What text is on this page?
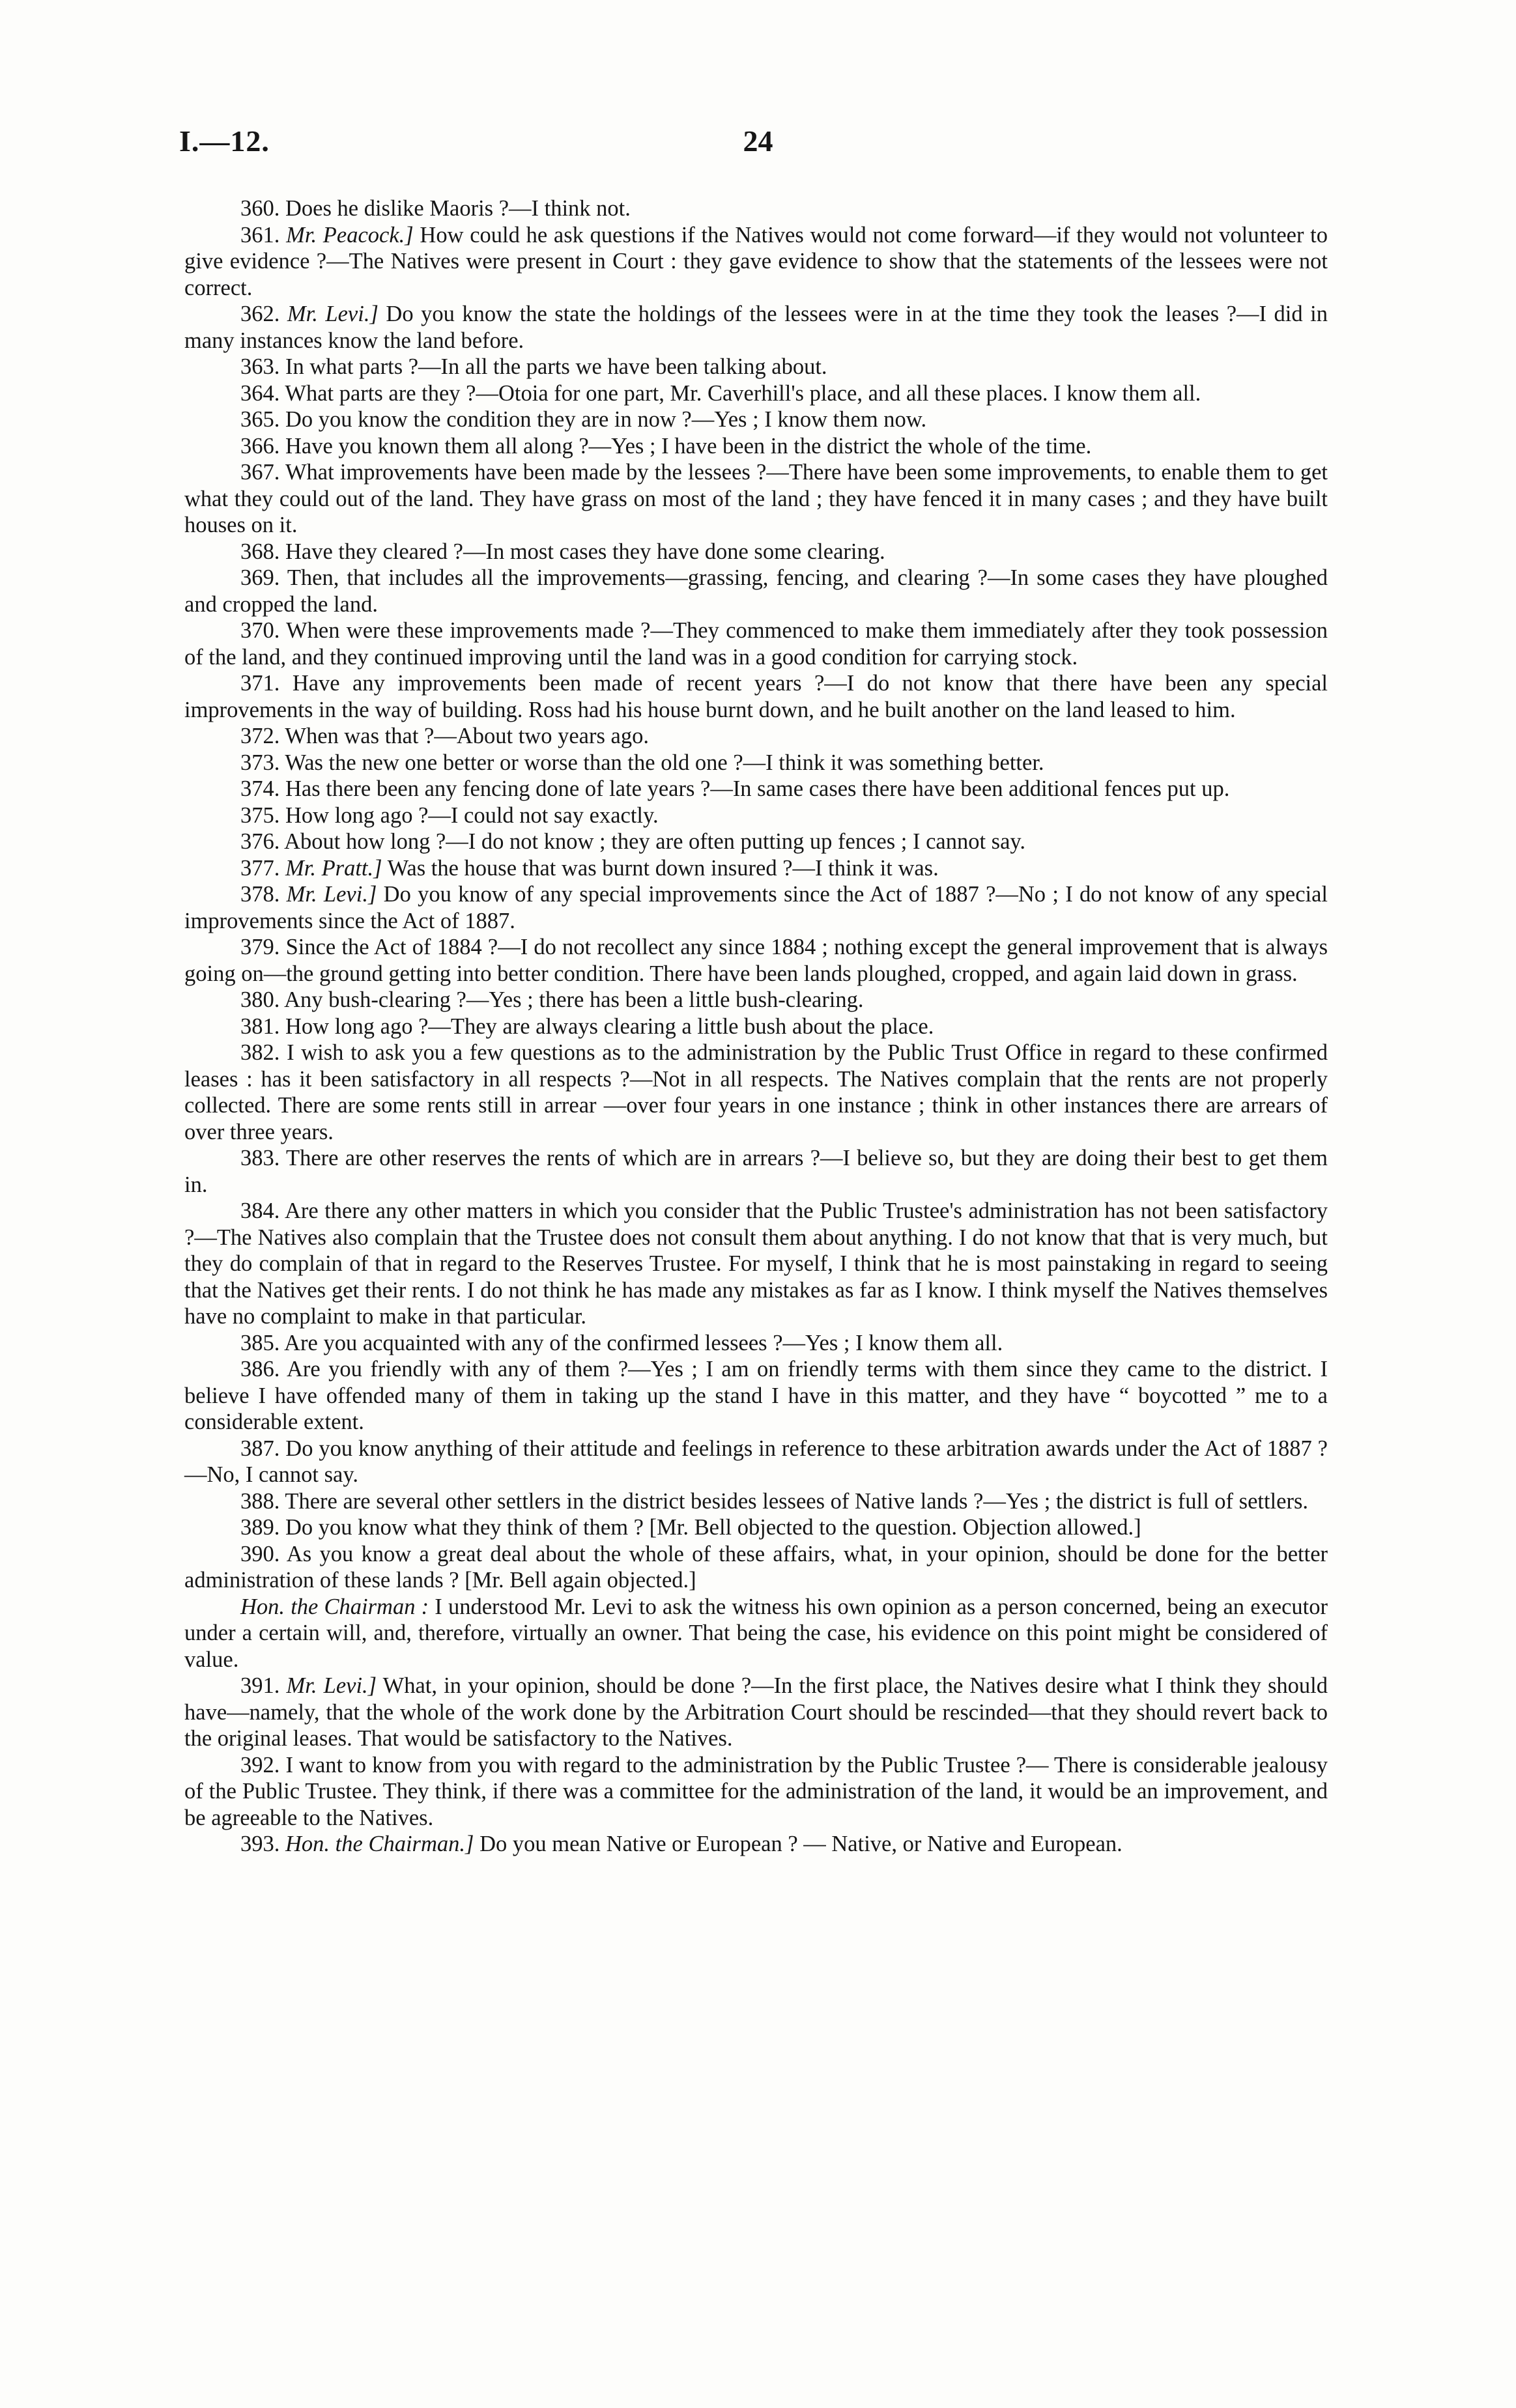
I.—12.	24

360. Does he dislike Maoris ?—I think not.

361. Mr. Peacock.] How could he ask questions if the Natives would not come forward—if they would not volunteer to give evidence ?—The Natives were present in Court : they gave evidence to show that the statements of the lessees were not correct.

362. Mr. Levi.] Do you know the state the holdings of the lessees were in at the time they took the leases ?—I did in many instances know the land before.

363. In what parts ?—In all the parts we have been talking about.

364. What parts are they ?—Otoia for one part, Mr. Caverhill's place, and all these places. I know them all.

365. Do you know the condition they are in now ?—Yes ; I know them now.

366. Have you known them all along ?—Yes ; I have been in the district the whole of the time.

367. What improvements have been made by the lessees ?—There have been some improvements, to enable them to get what they could out of the land. They have grass on most of the land ; they have fenced it in many cases ; and they have built houses on it.

368. Have they cleared ?—In most cases they have done some clearing.

369. Then, that includes all the improvements—grassing, fencing, and clearing ?—In some cases they have ploughed and cropped the land.

370. When were these improvements made ?—They commenced to make them immediately after they took possession of the land, and they continued improving until the land was in a good condition for carrying stock.

371. Have any improvements been made of recent years ?—I do not know that there have been any special improvements in the way of building. Ross had his house burnt down, and he built another on the land leased to him.

372. When was that ?—About two years ago.

373. Was the new one better or worse than the old one ?—I think it was something better.

374. Has there been any fencing done of late years ?—In same cases there have been additional fences put up.

375. How long ago ?—I could not say exactly.

376. About how long ?—I do not know ; they are often putting up fences ; I cannot say.

377. Mr. Pratt.] Was the house that was burnt down insured ?—I think it was.

378. Mr. Levi.] Do you know of any special improvements since the Act of 1887 ?—No ; I do not know of any special improvements since the Act of 1887.

379. Since the Act of 1884 ?—I do not recollect any since 1884 ; nothing except the general improvement that is always going on—the ground getting into better condition. There have been lands ploughed, cropped, and again laid down in grass.

380. Any bush-clearing ?—Yes ; there has been a little bush-clearing.

381. How long ago ?—They are always clearing a little bush about the place.

382. I wish to ask you a few questions as to the administration by the Public Trust Office in regard to these confirmed leases : has it been satisfactory in all respects ?—Not in all respects. The Natives complain that the rents are not properly collected. There are some rents still in arrear —over four years in one instance ; think in other instances there are arrears of over three years.

383. There are other reserves the rents of which are in arrears ?—I believe so, but they are doing their best to get them in.

384. Are there any other matters in which you consider that the Public Trustee's administration has not been satisfactory ?—The Natives also complain that the Trustee does not consult them about anything. I do not know that that is very much, but they do complain of that in regard to the Reserves Trustee. For myself, I think that he is most painstaking in regard to seeing that the Natives get their rents. I do not think he has made any mistakes as far as I know. I think myself the Natives themselves have no complaint to make in that particular.

385. Are you acquainted with any of the confirmed lessees ?—Yes ; I know them all.

386. Are you friendly with any of them ?—Yes ; I am on friendly terms with them since they came to the district. I believe I have offended many of them in taking up the stand I have in this matter, and they have “ boycotted ” me to a considerable extent.

387. Do you know anything of their attitude and feelings in reference to these arbitration awards under the Act of 1887 ?—No, I cannot say.

388. There are several other settlers in the district besides lessees of Native lands ?—Yes ; the district is full of settlers.

389. Do you know what they think of them ? [Mr. Bell objected to the question. Objection allowed.]

390. As you know a great deal about the whole of these affairs, what, in your opinion, should be done for the better administration of these lands ? [Mr. Bell again objected.]

Hon. the Chairman : I understood Mr. Levi to ask the witness his own opinion as a person concerned, being an executor under a certain will, and, therefore, virtually an owner. That being the case, his evidence on this point might be considered of value.

391. Mr. Levi.] What, in your opinion, should be done ?—In the first place, the Natives desire what I think they should have—namely, that the whole of the work done by the Arbitration Court should be rescinded—that they should revert back to the original leases. That would be satisfactory to the Natives.

392. I want to know from you with regard to the administration by the Public Trustee ?— There is considerable jealousy of the Public Trustee. They think, if there was a committee for the administration of the land, it would be an improvement, and be agreeable to the Natives.

393. Hon. the Chairman.] Do you mean Native or European ? — Native, or Native and European.
